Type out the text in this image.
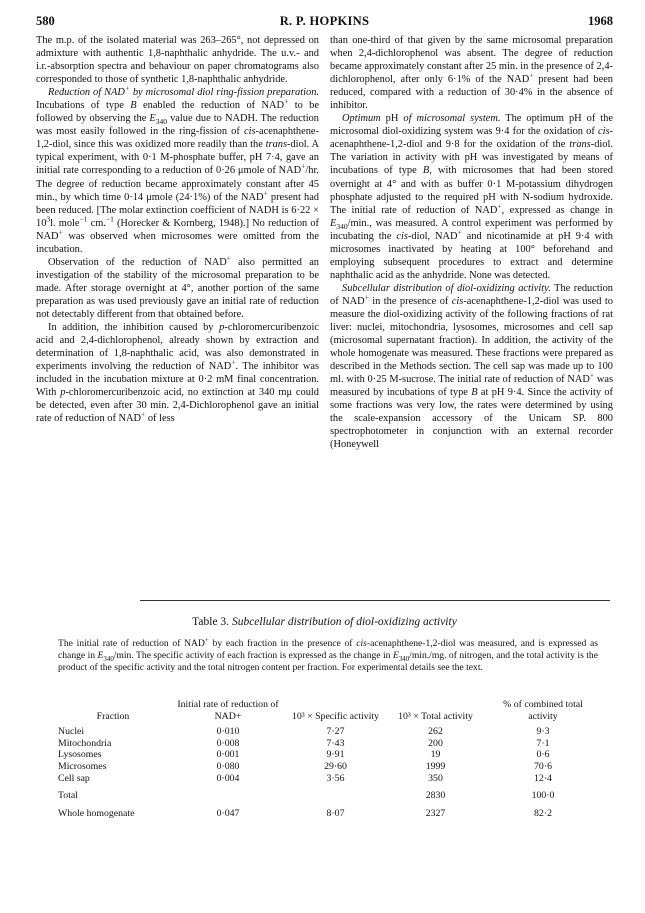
580	R. P. HOPKINS	1968

The m.p. of the isolated material was 263–265°, not depressed on admixture with authentic 1,8-naphthalic anhydride. The u.v.- and i.r.-absorption spectra and behaviour on paper chromatograms also corresponded to those of synthetic 1,8-naphthalic anhydride.

Reduction of NAD+ by microsomal diol ring-fission preparation. Incubations of type B enabled the reduction of NAD+ to be followed by observing the $E_{340}$ value due to NADH. The reduction was most easily followed in the ring-fission of cis-acenaphthene-1,2-diol, since this was oxidized more readily than the trans-diol. A typical experiment, with 0·1 M-phosphate buffer, pH 7·4, gave an initial rate corresponding to a reduction of 0·26 μmole of NAD+/hr. The degree of reduction became approximately constant after 45 min., by which time 0·14 μmole (24·1%) of the NAD+ present had been reduced. [The molar extinction coefficient of NADH is $6\cdot 22 \times 10^3l$. mole$^{-1}$ cm.$^{-1}$ (Horecker & Kornberg, 1948).] No reduction of NAD+ was observed when microsomes were omitted from the incubation.

Observation of the reduction of NAD+ also permitted an investigation of the stability of the microsomal preparation to be made. After storage overnight at 4°, another portion of the same preparation as was used previously gave an initial rate of reduction not detectably different from that obtained before.

In addition, the inhibition caused by p-chloromercuribenzoic acid and 2,4-dichlorophenol, already shown by extraction and determination of 1,8-naphthalic acid, was also demonstrated in experiments involving the reduction of NAD+. The inhibitor was included in the incubation mixture at 0·2 mM final concentration. With p-chloromercuribenzoic acid, no extinction at 340 mμ could be detected, even after 30 min. 2,4-Dichlorophenol gave an initial rate of reduction of NAD+ of less

than one-third of that given by the same microsomal preparation when 2,4-dichlorophenol was absent. The degree of reduction became approximately constant after 25 min. in the presence of 2,4-dichlorophenol, after only 6·1% of the NAD+ present had been reduced, compared with a reduction of 30·4% in the absence of inhibitor.

Optimum pH of microsomal system. The optimum pH of the microsomal diol-oxidizing system was 9·4 for the oxidation of cis-acenaphthene-1,2-diol and 9·8 for the oxidation of the trans-diol. The variation in activity with pH was investigated by means of incubations of type B, with microsomes that had been stored overnight at 4° and with as buffer 0·1 M-potassium dihydrogen phosphate adjusted to the required pH with N-sodium hydroxide. The initial rate of reduction of NAD+, expressed as change in $E_{340}/\min$., was measured. A control experiment was performed by incubating the cis-diol, NAD+ and nicotinamide at pH 9·4 with microsomes inactivated by heating at 100° beforehand and employing subsequent procedures to extract and determine naphthalic acid as the anhydride. None was detected.

Subcellular distribution of diol-oxidizing activity. The reduction of NAD+ in the presence of cis-acenaphthene-1,2-diol was used to measure the diol-oxidizing activity of the following fractions of rat liver: nuclei, mitochondria, lysosomes, microsomes and cell sap (microsomal supernatant fraction). In addition, the activity of the whole homogenate was measured. These fractions were prepared as described in the Methods section. The cell sap was made up to 100 ml. with 0·25 M-sucrose. The initial rate of reduction of NAD+ was measured by incubations of type B at pH 9·4. Since the activity of some fractions was very low, the rates were determined by using the scale-expansion accessory of the Unicam SP. 800 spectrophotometer in conjunction with an external recorder (Honeywell

Table 3. Subcellular distribution of diol-oxidizing activity
The initial rate of reduction of NAD+ by each fraction in the presence of cis-acenaphthene-1,2-diol was measured, and is expressed as change in $E_{340}/\min$. The specific activity of each fraction is expressed as the change in $E_{340}/\min./mg$. of nitrogen, and the total activity is the product of the specific activity and the total nitrogen content per fraction. For experimental details see the text.
Fraction	Initial rate of reduction of NAD+	10³ × Specific activity	10³ × Total activity	% of combined total activity
Nuclei	0·010	7·27	262	9·3
Mitochondria	0·008	7·43	200	7·1
Lysosomes	0·001	9·91	19	0·6
Microsomes	0·080	29·60	1999	70·6
Cell sap	0·004	3·56	350	12·4
Total			2830	100·0
Whole homogenate	0·047	8·07	2327	82·2
